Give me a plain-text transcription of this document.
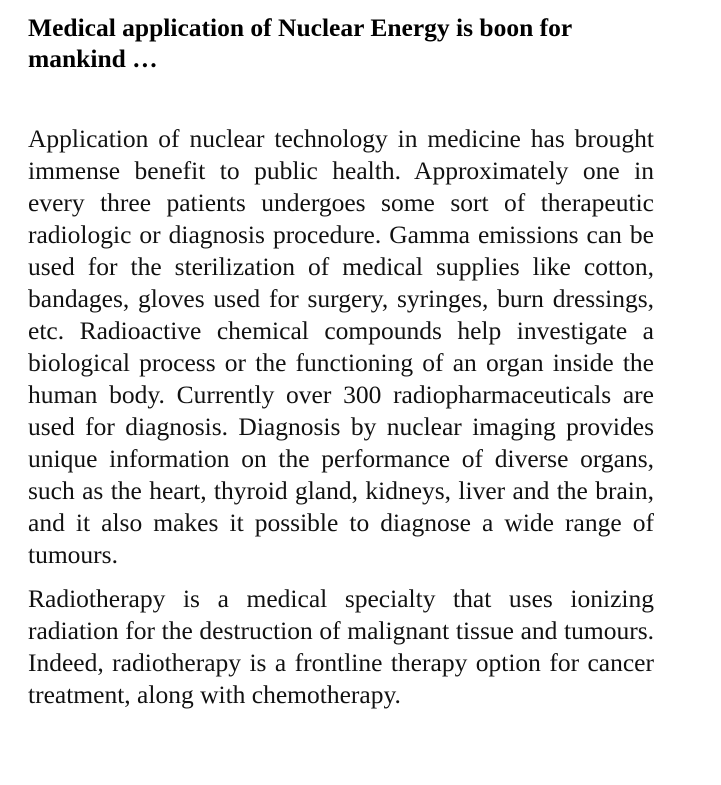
Medical application of Nuclear Energy is boon for mankind …

Application of nuclear technology in medicine has brought immense benefit to public health. Approximately one in every three patients undergoes some sort of therapeutic radiologic or diagnosis procedure. Gamma emissions can be used for the sterilization of medical supplies like cotton, bandages, gloves used for surgery, syringes, burn dressings, etc. Radioactive chemical compounds help investigate a biological process or the functioning of an organ inside the human body. Currently over 300 radiopharmaceuticals are used for diagnosis. Diagnosis by nuclear imaging provides unique information on the performance of diverse organs, such as the heart, thyroid gland, kidneys, liver and the brain, and it also makes it possible to diagnose a wide range of tumours.

Radiotherapy is a medical specialty that uses ionizing radiation for the destruction of malignant tissue and tumours. Indeed, radiotherapy is a frontline therapy option for cancer treatment, along with chemotherapy.
